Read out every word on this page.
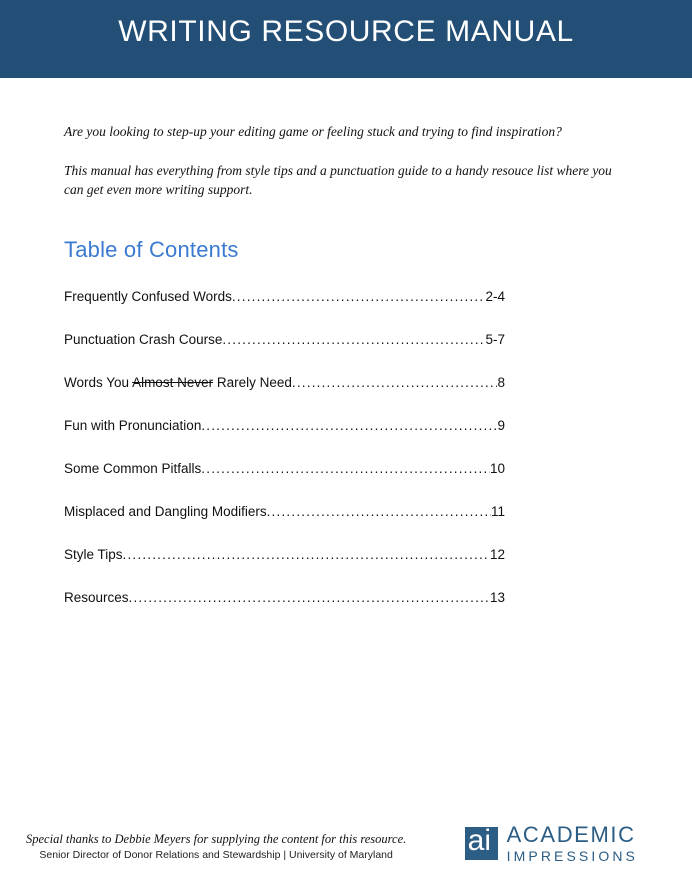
WRITING RESOURCE MANUAL

Are you looking to step-up your editing game or feeling stuck and trying to find inspiration?

This manual has everything from style tips and a punctuation guide to a handy resouce list where you can get even more writing support.

Table of Contents
Frequently Confused Words .....	2-4
Punctuation Crash Course .....	5-7
Words You Almost Never Rarely Need .....	8
Fun with Pronunciation .....	9
Some Common Pitfalls .....	10
Misplaced and Dangling Modifiers .....	11
Style Tips .....	12
Resources .....	13
Special thanks to Debbie Meyers for supplying the content for this resource.
Senior Director of Donor Relations and Stewardship | University of Maryland	ai ACADEMIC
IMPRESSIONS
